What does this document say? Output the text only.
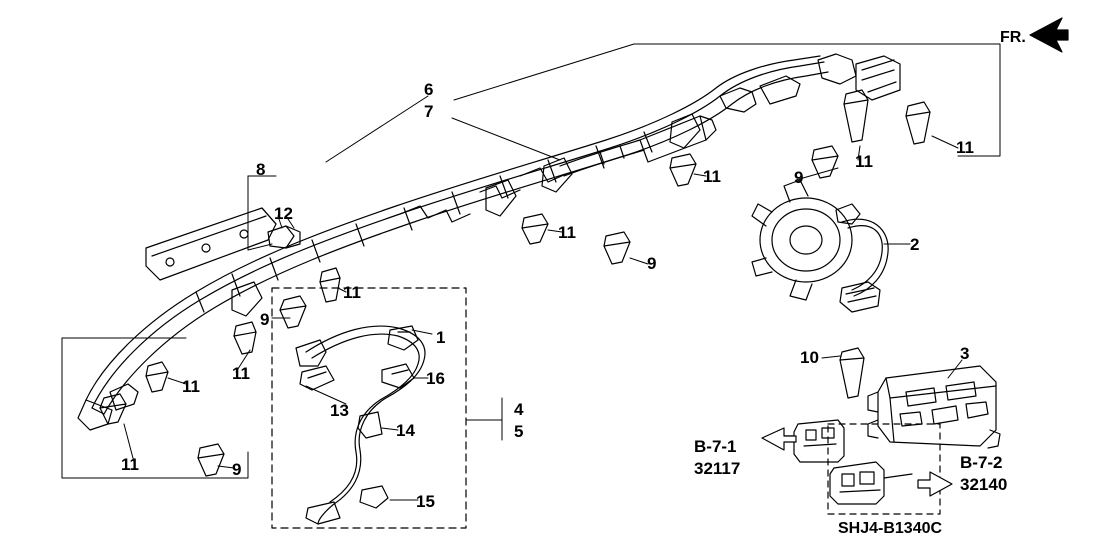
FR.
6
7
8
12
2
3
4
5
9
9
9
9
10
11
11
11
11
11
11
11
11
13
14
15
16
1
B-7-1
32117	B-7-2
32140
SHJ4-B1340C
